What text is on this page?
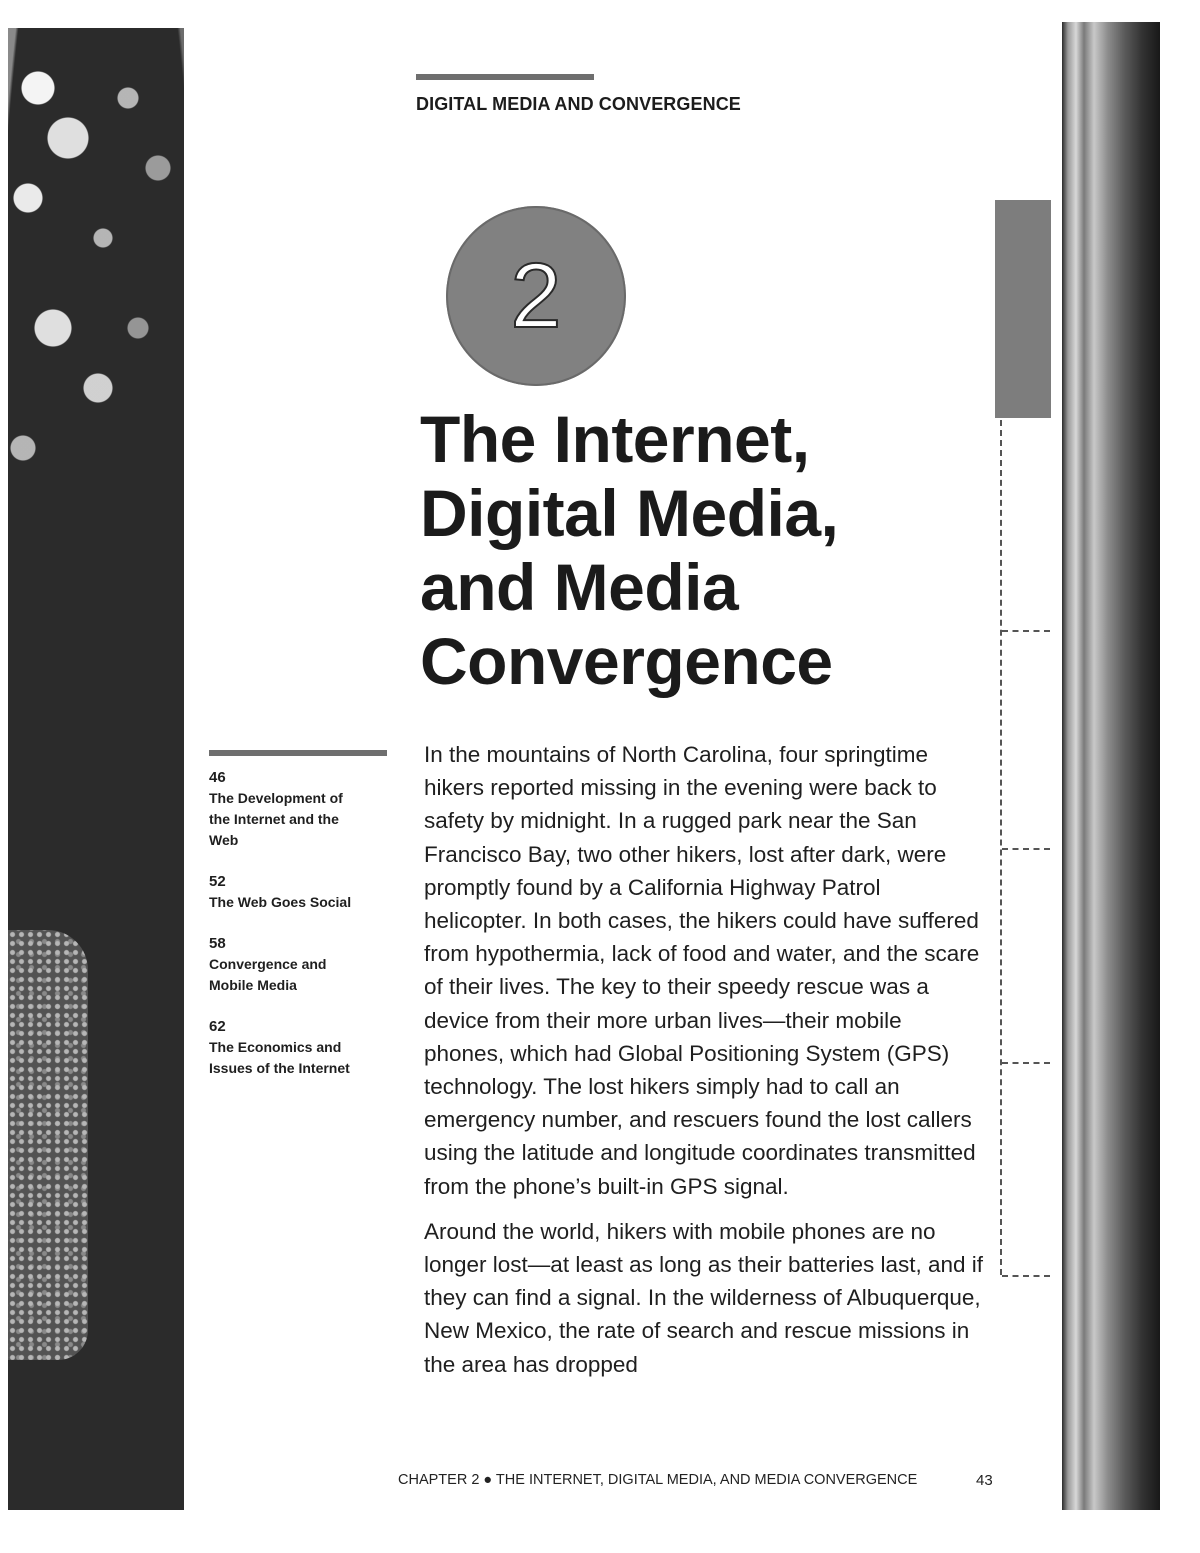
DIGITAL MEDIA AND CONVERGENCE
2
The Internet,
Digital Media,
and Media
Convergence
46
The Development of the Internet and the Web
52
The Web Goes Social
58
Convergence and Mobile Media
62
The Economics and Issues of the Internet

In the mountains of North Carolina, four springtime hikers reported missing in the evening were back to safety by midnight. In a rugged park near the San Francisco Bay, two other hikers, lost after dark, were promptly found by a California Highway Patrol helicopter. In both cases, the hikers could have suffered from hypothermia, lack of food and water, and the scare of their lives. The key to their speedy rescue was a device from their more urban lives—their mobile phones, which had Global Positioning System (GPS) technology. The lost hikers simply had to call an emergency number, and rescuers found the lost callers using the latitude and longitude coordinates transmitted from the phone’s built-in GPS signal.

Around the world, hikers with mobile phones are no longer lost—at least as long as their batteries last, and if they can find a signal. In the wilderness of Albuquerque, New Mexico, the rate of search and rescue missions in the area has dropped

CHAPTER 2 ● THE INTERNET, DIGITAL MEDIA, AND MEDIA CONVERGENCE	43
